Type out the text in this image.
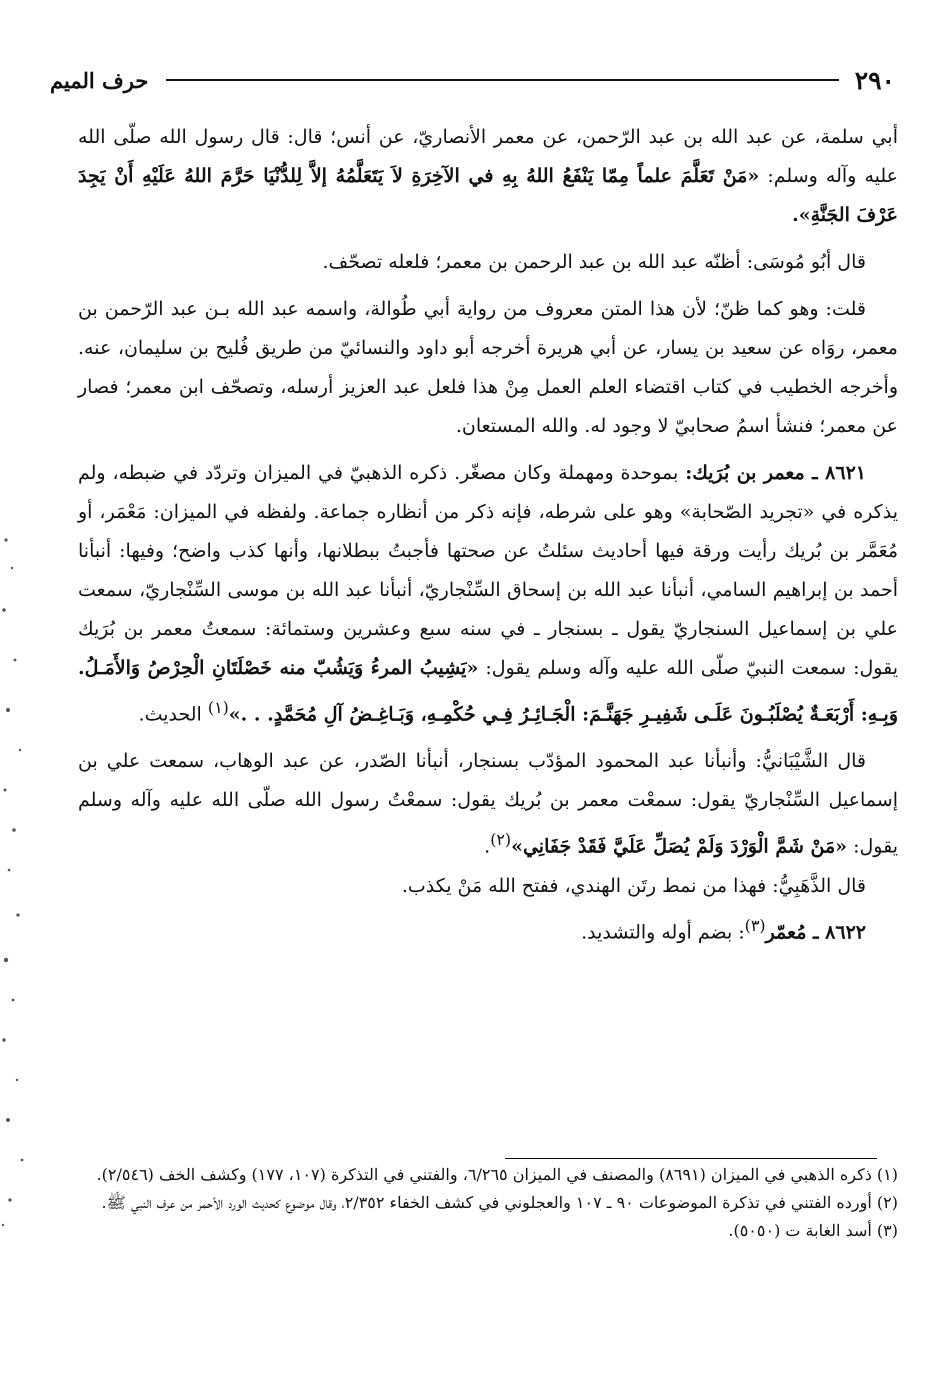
حرف الميم	٢٩٠

أبي سلمة، عن عبد الله بن عبد الرّحمن، عن معمر الأنصاريّ، عن أنس؛ قال: قال رسول الله صلّى الله عليه وآله وسلم: «مَنْ تَعَلَّمَ علماً مِمّا يَنْفَعُ اللهُ بِهِ في الآخِرَةِ لاَ يَتَعَلَّمُهُ إلاَّ لِلدُّنْيَا حَرَّمَ اللهُ عَلَيْهِ أَنْ يَجِدَ عَرْفَ الجَنَّةِ».

قال أبُو مُوسَى: أظنّه عبد الله بن عبد الرحمن بن معمر؛ فلعله تصحّف.

قلت: وهو كما ظنّ؛ لأن هذا المتن معروف من رواية أبي طُوالة، واسمه عبد الله بـن عبد الرّحمن بن معمر، روَاه عن سعيد بن يسار، عن أبي هريرة أخرجه أبو داود والنسائيّ من طريق فُليح بن سليمان، عنه. وأخرجه الخطيب في كتاب اقتضاء العلم العمل مِنْ هذا فلعل عبد العزيز أرسله، وتصحّف ابن معمر؛ فصار عن معمر؛ فنشأ اسمُ صحابيّ لا وجود له. والله المستعان.

٨٦٢١ ـ معمر بن بُرَيك: بموحدة ومهملة وكان مصغّر. ذكره الذهبيّ في الميزان وتردّد في ضبطه، ولم يذكره في «تجريد الصّحابة» وهو على شرطه، فإنه ذكر من أنظاره جماعة. ولفظه في الميزان: مَعْمَر، أو مُعَمَّر بن بُريك رأيت ورقة فيها أحاديث سئلتُ عن صحتها فأجبتُ ببطلانها، وأنها كذب واضح؛ وفيها: أنبأنا أحمد بن إبراهيم السامي، أنبأنا عبد الله بن إسحاق السِّنْجاريّ، أنبأنا عبد الله بن موسى السِّنْجاريّ، سمعت علي بن إسماعيل السنجاريّ يقول ـ بسنجار ـ في سنه سبع وعشرين وستمائة: سمعتُ معمر بن بُرَيك يقول: سمعت النبيّ صلّى الله عليه وآله وسلم يقول: «يَشِيبُ المرءُ وَيَشُبّ منه خَصْلَتَانِ الْحِرْصُ وَالأَمَـلُ. وَبِـهِ: أَرْبَعَـةٌ يُصْلَبُـونَ عَلَـى شَفِيـرِ جَهَنَّـمَ: الْجَـائِـرُ فِـي حُكْمِـهِ، وَبَـاغِـضُ آلِ مُحَمَّدٍ. . .»$^{(١)}$ الحديث.

قال الشَّيْبَانيُّ: وأنبأنا عبد المحمود المؤدّب بسنجار، أنبأنا الصّدر، عن عبد الوهاب، سمعت علي بن إسماعيل السِّنْجاريّ يقول: سمعْت معمر بن بُريك يقول: سمعْتُ رسول الله صلّى الله عليه وآله وسلم يقول: «مَنْ شَمَّ الْوَرْدَ وَلَمْ يُصَلِّ عَلَيَّ فَقَدْ جَفَانِي»$^{(٢)}$.

قال الذَّهَبِيُّ: فهذا من نمط رتَن الهندي، ففتح الله مَنْ يكذب.

٨٦٢٢ ـ مُعمّر$^{(٣)}$: بضم أوله والتشديد.

(١) ذكره الذهبي في الميزان (٨٦٩١) والمصنف في الميزان ٦/٢٦٥، والفتني في التذكرة (١٠٧، ١٧٧) وكشف الخف (٢/٥٤٦).

(٢) أورده الفتني في تذكرة الموضوعات ٩٠ ـ ١٠٧ والعجلوني في كشف الخفاء ٢/٣٥٢، وقال موضوع كحديث الورد الأحمر من عرف النبي ﷺ.

(٣) أسد الغابة ت (٥٠٥٠).
